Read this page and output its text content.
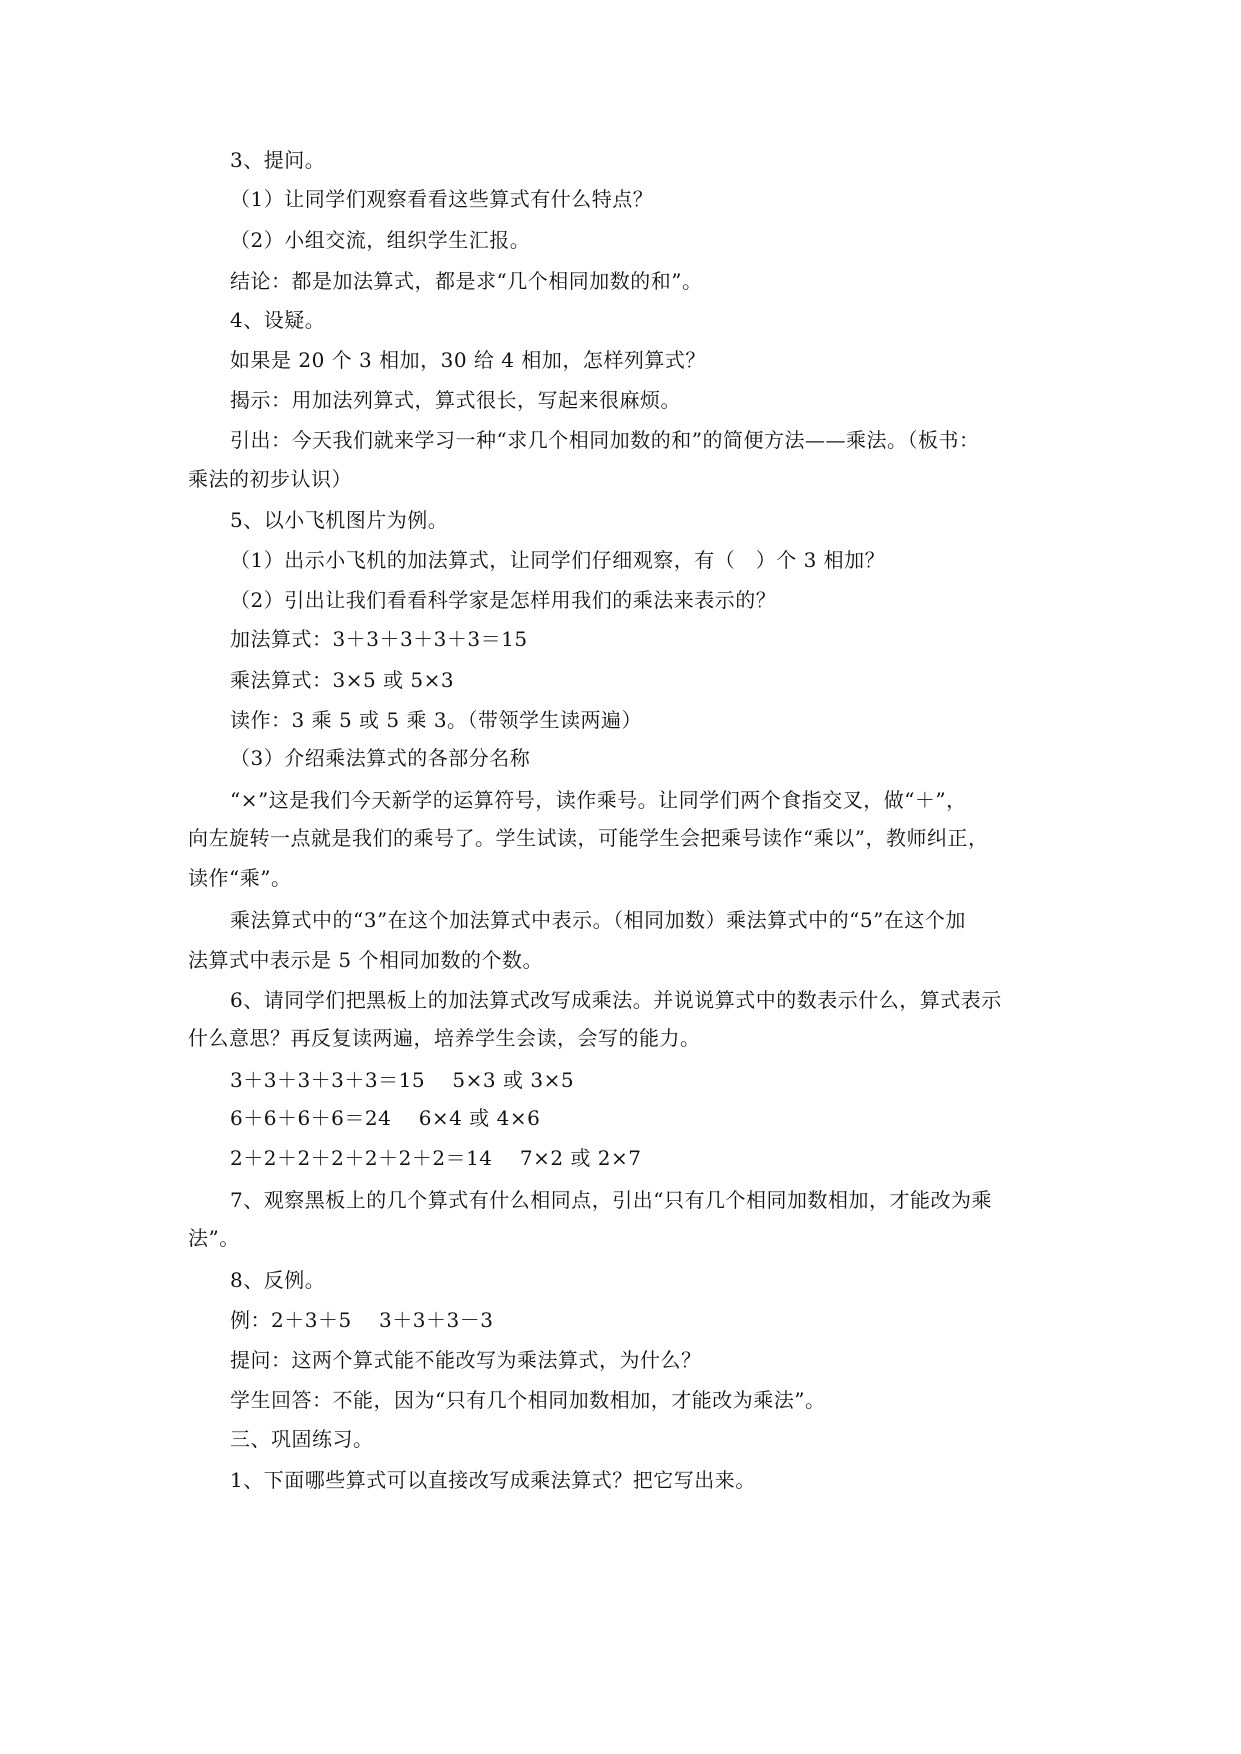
3、提问。
（1）让同学们观察看看这些算式有什么特点？
（2）小组交流，组织学生汇报。
结论：都是加法算式，都是求“几个相同加数的和”。
4、设疑。
如果是 20 个 3 相加，30 给 4 相加，怎样列算式？
揭示：用加法列算式，算式很长，写起来很麻烦。
引出：今天我们就来学习一种“求几个相同加数的和”的简便方法——乘法。（板书：
乘法的初步认识）
5、以小飞机图片为例。
（1）出示小飞机的加法算式，让同学们仔细观察，有（　）个 3 相加？
（2）引出让我们看看科学家是怎样用我们的乘法来表示的？
加法算式：3＋3＋3＋3＋3＝15
乘法算式：3×5 或 5×3
读作：3 乘 5 或 5 乘 3。（带领学生读两遍）
（3）介绍乘法算式的各部分名称
“×”这是我们今天新学的运算符号，读作乘号。让同学们两个食指交叉，做“＋”，
向左旋转一点就是我们的乘号了。学生试读，可能学生会把乘号读作“乘以”，教师纠正，
读作“乘”。
乘法算式中的“3”在这个加法算式中表示。（相同加数）乘法算式中的“5”在这个加
法算式中表示是 5 个相同加数的个数。
6、请同学们把黑板上的加法算式改写成乘法。并说说算式中的数表示什么，算式表示
什么意思？再反复读两遍，培养学生会读，会写的能力。
3＋3＋3＋3＋3＝15　 5×3 或 3×5
6＋6＋6＋6＝24　 6×4 或 4×6
2＋2＋2＋2＋2＋2＋2＝14　 7×2 或 2×7
7、观察黑板上的几个算式有什么相同点，引出“只有几个相同加数相加，才能改为乘
法”。
8、反例。
例：2＋3＋5　 3＋3＋3－3
提问：这两个算式能不能改写为乘法算式，为什么？
学生回答：不能，因为“只有几个相同加数相加，才能改为乘法”。
三、巩固练习。
1、下面哪些算式可以直接改写成乘法算式？把它写出来。
